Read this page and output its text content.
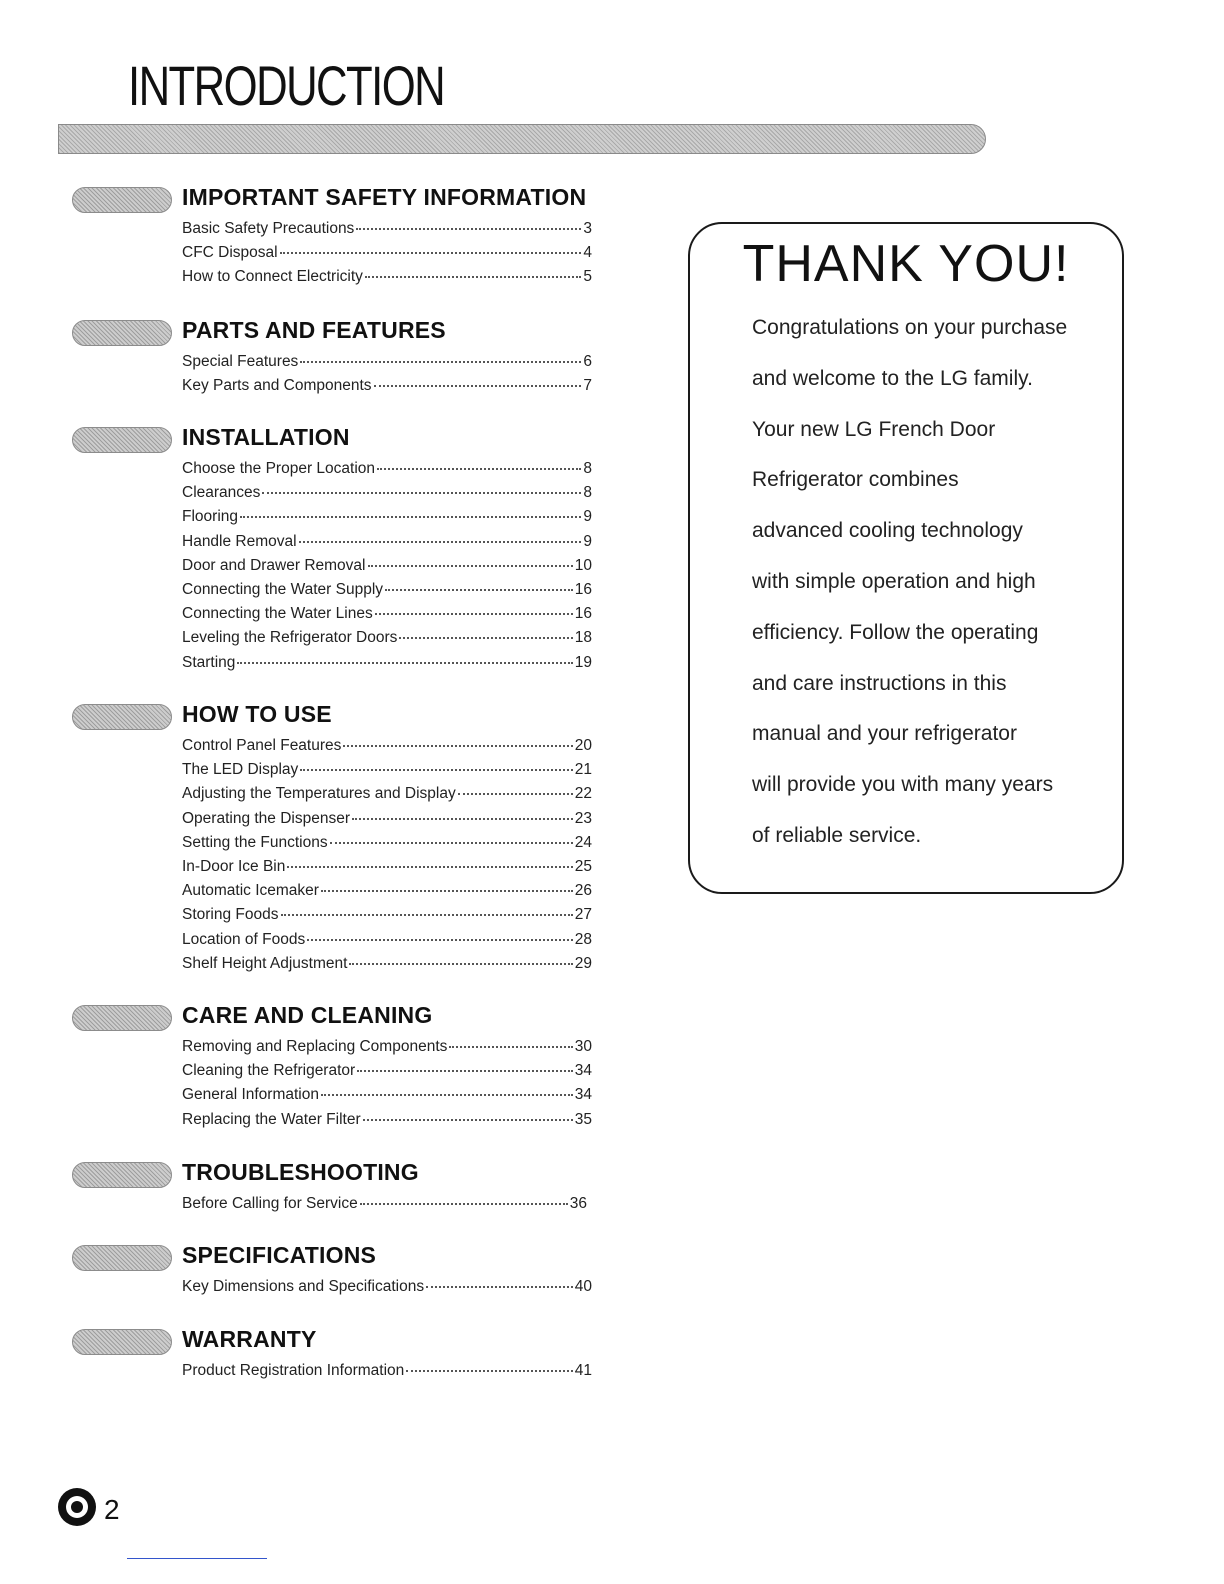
INTRODUCTION
IMPORTANT SAFETY INFORMATION
Basic Safety Precautions	3
CFC Disposal	4
How to Connect Electricity	5
PARTS AND FEATURES
Special Features	6
Key Parts and Components	7
INSTALLATION
Choose the Proper Location	8
Clearances	8
Flooring	9
Handle Removal	9
Door and Drawer Removal	10
Connecting the Water Supply	16
Connecting the Water Lines	16
Leveling the Refrigerator Doors	18
Starting	19
HOW TO USE
Control Panel Features	20
The LED Display	21
Adjusting the Temperatures and Display	22
Operating the Dispenser	23
Setting the Functions	24
In-Door Ice Bin	25
Automatic Icemaker	26
Storing Foods	27
Location of Foods	28
Shelf Height Adjustment	29
CARE AND CLEANING
Removing and Replacing Components	30
Cleaning the Refrigerator	34
General Information	34
Replacing the Water Filter	35
TROUBLESHOOTING
Before Calling for Service	36
SPECIFICATIONS
Key Dimensions and Specifications	40
WARRANTY
Product Registration Information	41
THANK YOU!
Congratulations on your purchase
and welcome to the LG family.
Your new LG French Door
Refrigerator combines
advanced cooling technology
with simple operation and high
efficiency. Follow the operating
and care instructions in this
manual and your refrigerator
will provide you with many years
of reliable service.
2
